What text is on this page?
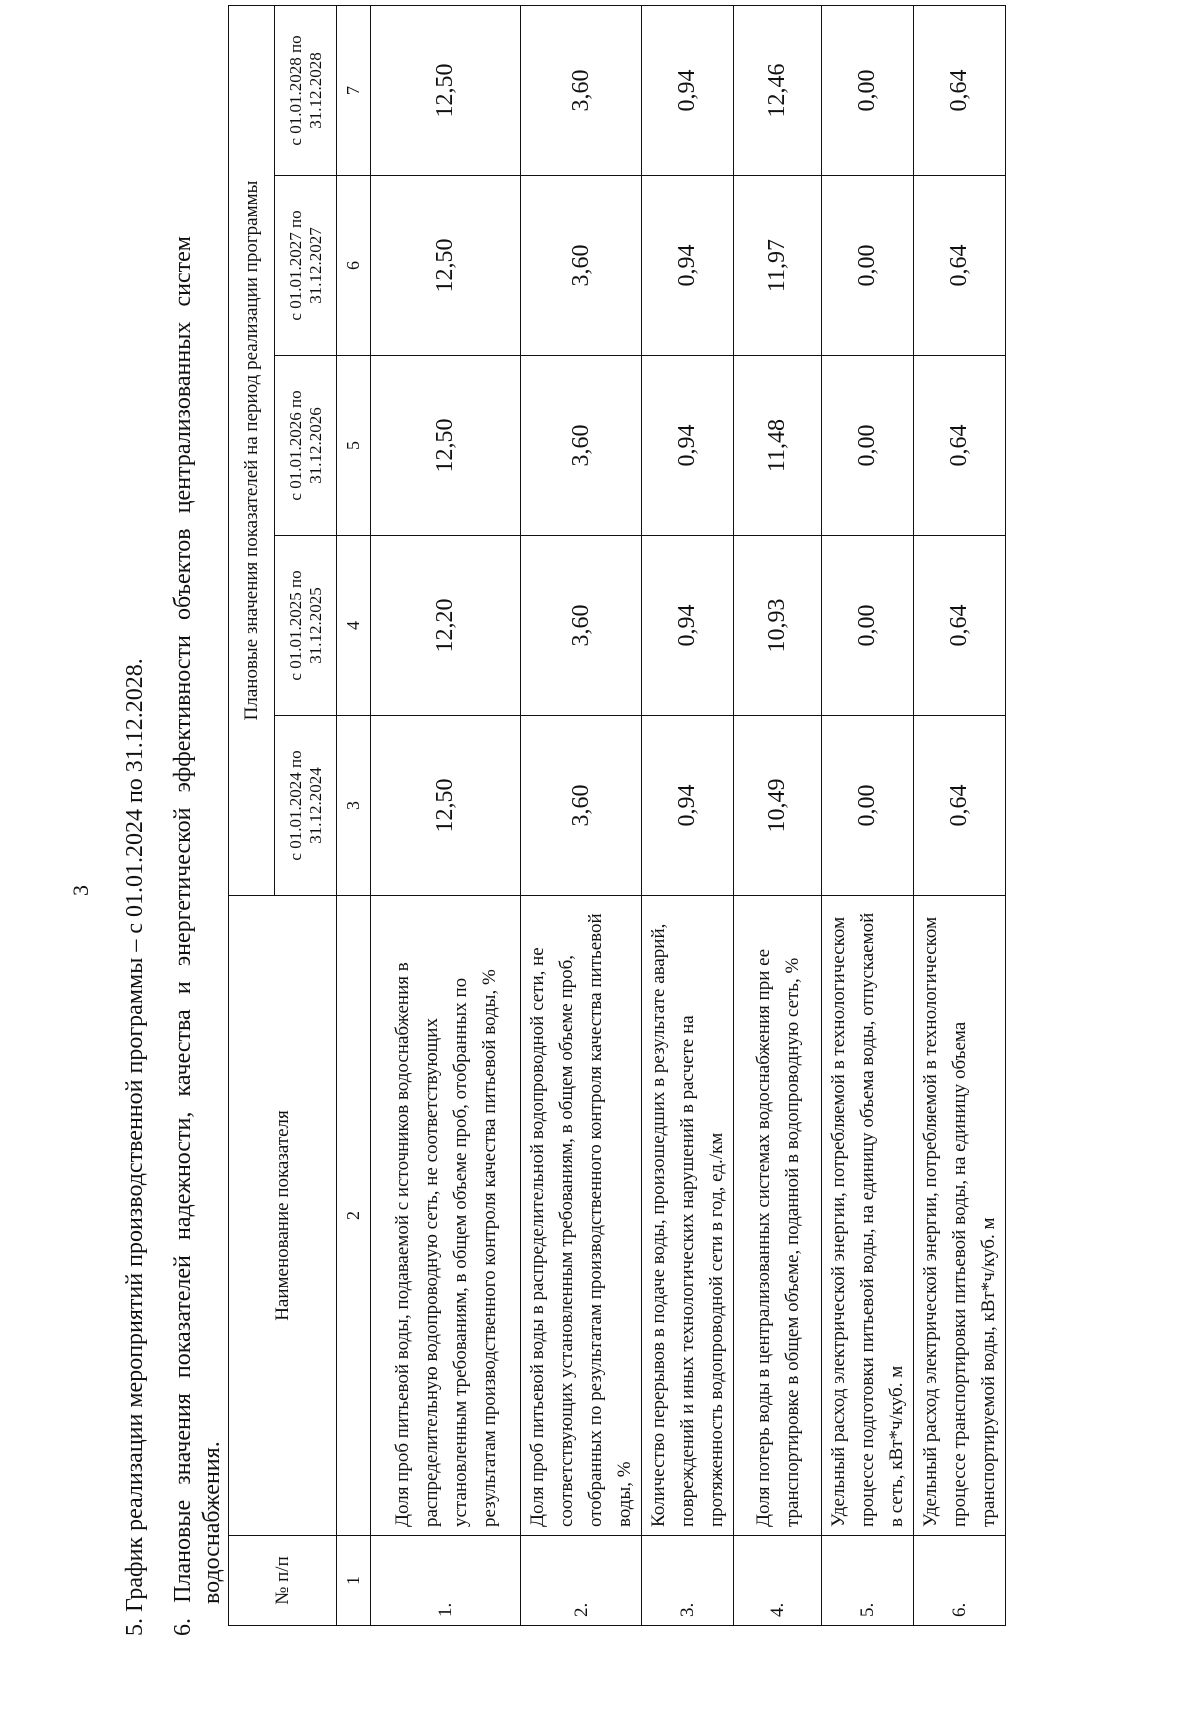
3 5. График реализации мероприятий производственной программы – с 01.01.2024 по 31.12.2028. 6. Плановые значения показателей надежности, качества и энергетической эффективности объектов централизованных систем водоснабжения. № п/п	Наименование показателя	Плановые значения показателей на период реализации программы				
		с 01.01.2024 по 31.12.2024	с 01.01.2025 по 31.12.2025	с 01.01.2026 по 31.12.2026	с 01.01.2027 по 31.12.2027	с 01.01.2028 по 31.12.2028
1	2	3	4	5	6	7
1.	Доля проб питьевой воды, подаваемой с источников водоснабжения в распределительную водопроводную сеть, не соответствующих установленным требованиям, в общем объеме проб, отобранных по результатам производственного контроля качества питьевой воды, %	12,50	12,20	12,50	12,50	12,50
2.	Доля проб питьевой воды в распределительной водопроводной сети, не соответствующих установленным требованиям, в общем объеме проб, отобранных по результатам производственного контроля качества питьевой воды, %	3,60	3,60	3,60	3,60	3,60
3.	Количество перерывов в подаче воды, произошедших в результате аварий, повреждений и иных технологических нарушений в расчете на протяженность водопроводной сети в год, ед./км	0,94	0,94	0,94	0,94	0,94
4.	Доля потерь воды в централизованных системах водоснабжения при ее транспортировке в общем объеме, поданной в водопроводную сеть, %	10,49	10,93	11,48	11,97	12,46
5.	Удельный расход электрической энергии, потребляемой в технологическом процессе подготовки питьевой воды, на единицу объема воды, отпускаемой в сеть, кВт*ч/куб. м	0,00	0,00	0,00	0,00	0,00
6.	Удельный расход электрической энергии, потребляемой в технологическом процессе транспортировки питьевой воды, на единицу объема транспортируемой воды, кВт*ч/куб. м	0,64	0,64	0,64	0,64	0,64
